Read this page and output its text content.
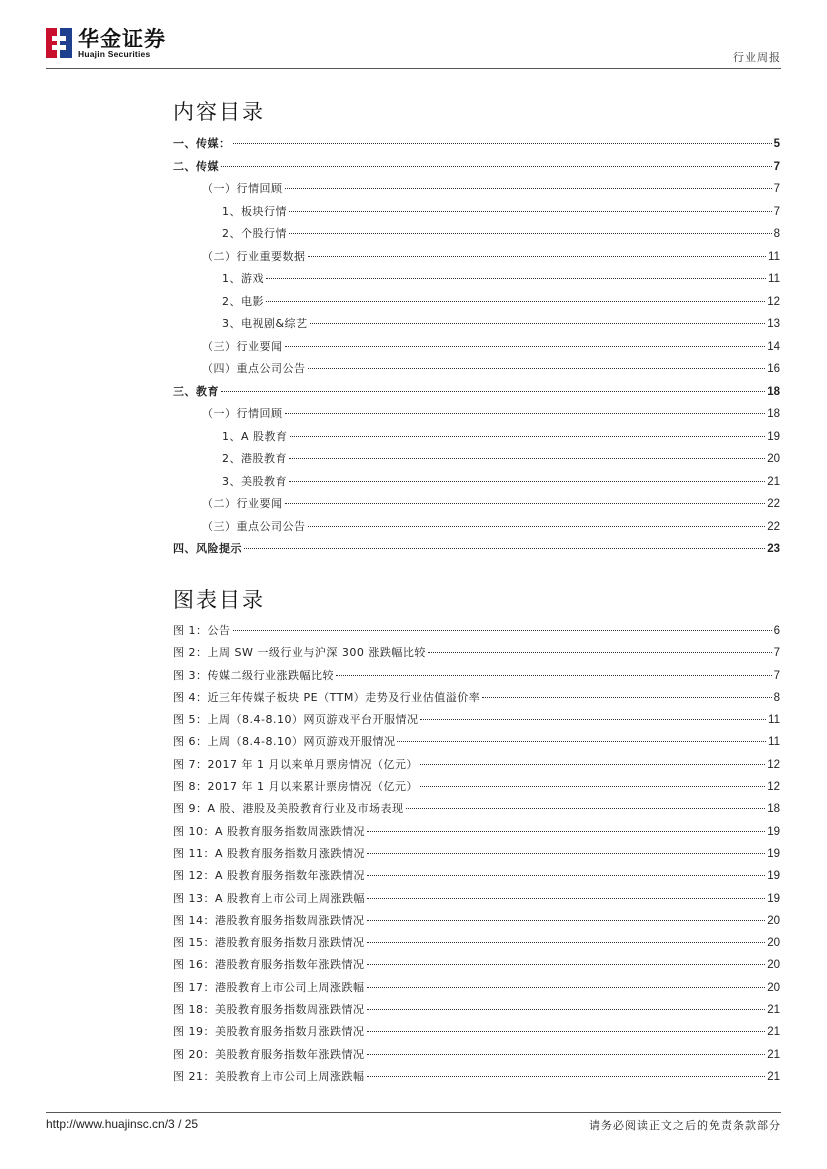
华金证券
Huajin Securities	行业周报
内容目录
一、传媒：	5
二、传媒	7
（一）行情回顾	7
1、板块行情	7
2、个股行情	8
（二）行业重要数据	11
1、游戏	11
2、电影	12
3、电视剧&综艺	13
（三）行业要闻	14
（四）重点公司公告	16
三、教育	18
（一）行情回顾	18
1、A 股教育	19
2、港股教育	20
3、美股教育	21
（二）行业要闻	22
（三）重点公司公告	22
四、风险提示	23
图表目录
图 1：公告	6
图 2：上周 SW 一级行业与沪深 300 涨跌幅比较	7
图 3：传媒二级行业涨跌幅比较	7
图 4：近三年传媒子板块 PE（TTM）走势及行业估值溢价率	8
图 5：上周（8.4-8.10）网页游戏平台开服情况	11
图 6：上周（8.4-8.10）网页游戏开服情况	11
图 7：2017 年 1 月以来单月票房情况（亿元）	12
图 8：2017 年 1 月以来累计票房情况（亿元）	12
图 9：A 股、港股及美股教育行业及市场表现	18
图 10：A 股教育服务指数周涨跌情况	19
图 11：A 股教育服务指数月涨跌情况	19
图 12：A 股教育服务指数年涨跌情况	19
图 13：A 股教育上市公司上周涨跌幅	19
图 14：港股教育服务指数周涨跌情况	20
图 15：港股教育服务指数月涨跌情况	20
图 16：港股教育服务指数年涨跌情况	20
图 17：港股教育上市公司上周涨跌幅	20
图 18：美股教育服务指数周涨跌情况	21
图 19：美股教育服务指数月涨跌情况	21
图 20：美股教育服务指数年涨跌情况	21
图 21：美股教育上市公司上周涨跌幅	21
http://www.huajinsc.cn/3 / 25	请务必阅读正文之后的免责条款部分
